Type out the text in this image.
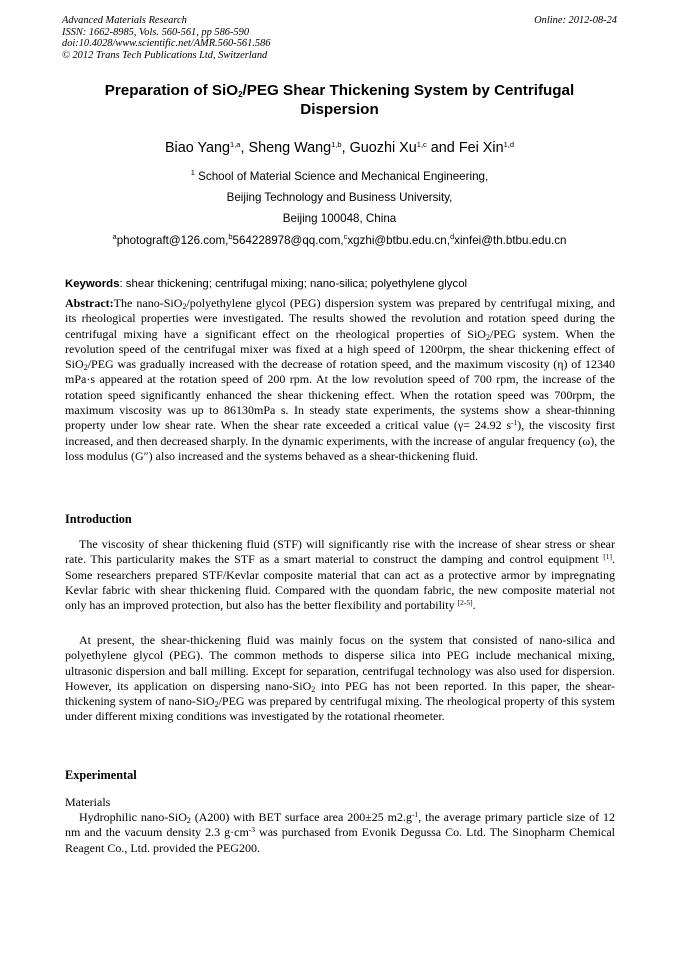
Advanced Materials Research
ISSN: 1662-8985, Vols. 560-561, pp 586-590
doi:10.4028/www.scientific.net/AMR.560-561.586
© 2012 Trans Tech Publications Ltd, Switzerland
Online: 2012-08-24
Preparation of SiO$_2$/PEG Shear Thickening System by Centrifugal
Dispersion
Biao Yang$^{1,a}$, Sheng Wang$^{1,b}$, Guozhi Xu$^{1,c}$ and Fei Xin$^{1,d}$
$^1$ School of Material Science and Mechanical Engineering,
Beijing Technology and Business University,
Beijing 100048, China
$^a$photograft@126.com,$^b$564228978@qq.com,$^c$xgzhi@btbu.edu.cn,$^d$xinfei@th.btbu.edu.cn
Keywords: shear thickening; centrifugal mixing; nano-silica; polyethylene glycol
Abstract:The nano-SiO$_2$/polyethylene glycol (PEG) dispersion system was prepared by centrifugal mixing, and its rheological properties were investigated. The results showed the revolution and rotation speed during the centrifugal mixing have a significant effect on the rheological properties of SiO$_2$/PEG system. When the revolution speed of the centrifugal mixer was fixed at a high speed of 1200rpm, the shear thickening effect of SiO$_2$/PEG was gradually increased with the decrease of rotation speed, and the maximum viscosity (η) of 12340 mPa·s appeared at the rotation speed of 200 rpm. At the low revolution speed of 700 rpm, the increase of the rotation speed significantly enhanced the shear thickening effect. When the rotation speed was 700rpm, the maximum viscosity was up to 86130mPa s. In steady state experiments, the systems show a shear-thinning property under low shear rate. When the shear rate exceeded a critical value (γ= 24.92 $s^{-1}$), the viscosity first increased, and then decreased sharply. In the dynamic experiments, with the increase of angular frequency (ω), the loss modulus (G″) also increased and the systems behaved as a shear-thickening fluid.
Introduction
The viscosity of shear thickening fluid (STF) will significantly rise with the increase of shear stress or shear rate. This particularity makes the STF as a smart material to construct the damping and control equipment [1]. Some researchers prepared STF/Kevlar composite material that can act as a protective armor by impregnating Kevlar fabric with shear thickening fluid. Compared with the quondam fabric, the new composite material not only has an improved protection, but also has the better flexibility and portability [2-5].
At present, the shear-thickening fluid was mainly focus on the system that consisted of nano-silica and polyethylene glycol (PEG). The common methods to disperse silica into PEG include mechanical mixing, ultrasonic dispersion and ball milling. Except for separation, centrifugal technology was also used for dispersion. However, its application on dispersing nano-SiO$_2$ into PEG has not been reported. In this paper, the shear-thickening system of nano-SiO$_2$/PEG was prepared by centrifugal mixing. The rheological property of this system under different mixing conditions was investigated by the rotational rheometer.
Experimental
Materials
Hydrophilic nano-SiO$_2$ (A200) with BET surface area 200±25 $m2.g^{-1}$, the average primary particle size of 12 nm and the vacuum density 2.3 $g\cdot cm^{-3}$ was purchased from Evonik Degussa Co. Ltd. The Sinopharm Chemical Reagent Co., Ltd. provided the PEG200.
